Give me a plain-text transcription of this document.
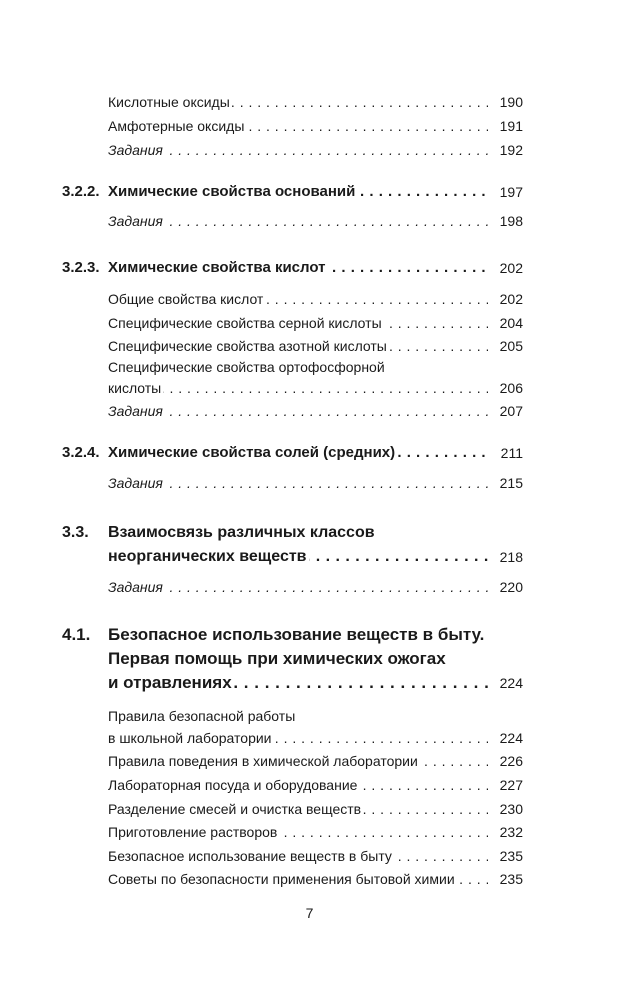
Кислотные оксиды . . .	190
Амфотерные оксиды . . .	191
Задания . . .	192
3.2.2. Химические свойства оснований . . .	197
Задания . . .	198
3.2.3. Химические свойства кислот . . .	202
Общие свойства кислот . . .	202
Специфические свойства серной кислоты . . .	204
Специфические свойства азотной кислоты . . .	205
Специфические свойства ортофосфорной
кислоты . . .	206
Задания . . .	207
3.2.4. Химические свойства солей (средних) . . .	211
Задания . . .	215
3.3. Взаимосвязь различных классов
неорганических веществ . . .	218
Задания . . .	220
4.1. Безопасное использование веществ в быту.
Первая помощь при химических ожогах
и отравлениях . . .	224
Правила безопасной работы
в школьной лаборатории . . .	224
Правила поведения в химической лаборатории . . .	226
Лабораторная посуда и оборудование . . .	227
Разделение смесей и очистка веществ . . .	230
Приготовление растворов . . .	232
Безопасное использование веществ в быту . . .	235
Советы по безопасности применения бытовой химии . . .	235
7
